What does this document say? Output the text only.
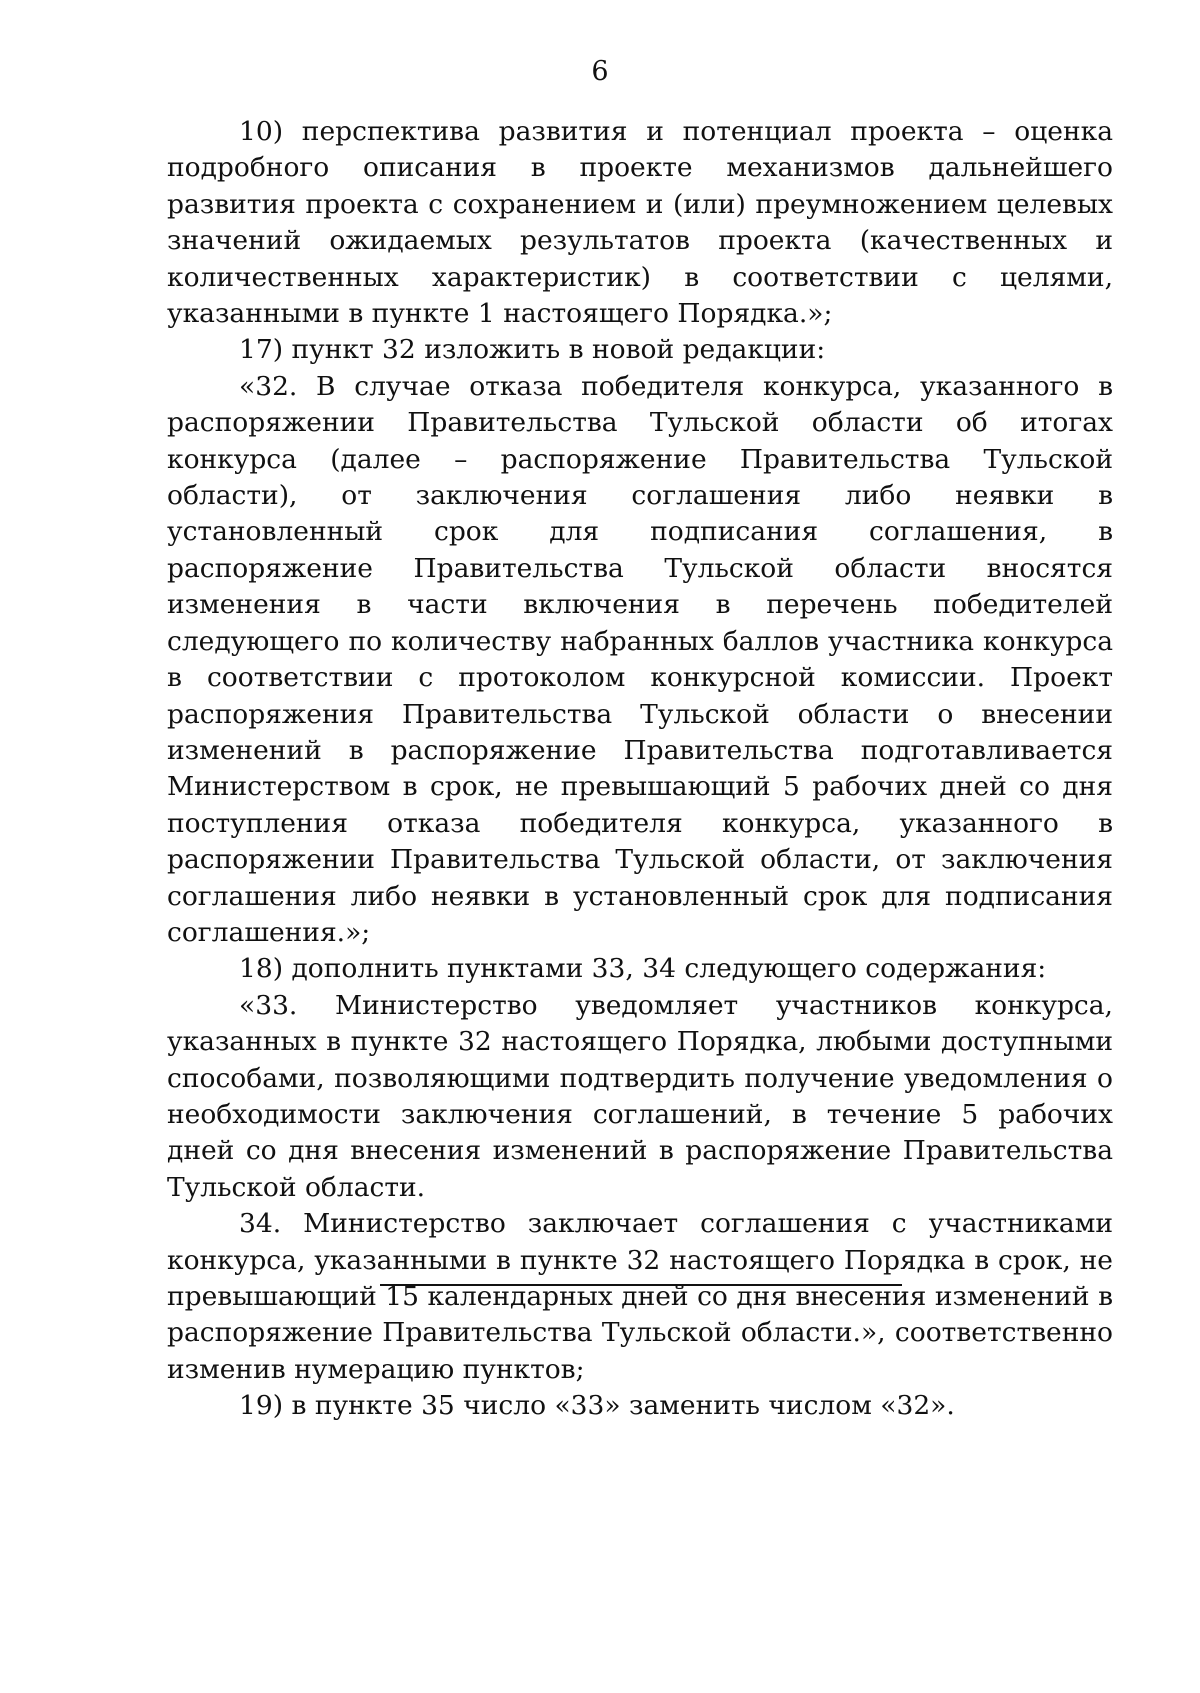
6

10) перспектива развития и потенциал проекта – оценка подробного описания в проекте механизмов дальнейшего развития проекта с сохранением и (или) преумножением целевых значений ожидаемых результатов проекта (качественных и количественных характеристик) в соответствии с целями, указанными в пункте 1 настоящего Порядка.»;

17) пункт 32 изложить в новой редакции:

«32. В случае отказа победителя конкурса, указанного в распоряжении Правительства Тульской области об итогах конкурса (далее – распоряжение Правительства Тульской области), от заключения соглашения либо неявки в установленный срок для подписания соглашения, в распоряжение Правительства Тульской области вносятся изменения в части включения в перечень победителей следующего по количеству набранных баллов участника конкурса в соответствии с протоколом конкурсной комиссии. Проект распоряжения Правительства Тульской области о внесении изменений в распоряжение Правительства подготавливается Министерством в срок, не превышающий 5 рабочих дней со дня поступления отказа победителя конкурса, указанного в распоряжении Правительства Тульской области, от заключения соглашения либо неявки в установленный срок для подписания соглашения.»;

18) дополнить пунктами 33, 34 следующего содержания:

«33. Министерство уведомляет участников конкурса, указанных в пункте 32 настоящего Порядка, любыми доступными способами, позволяющими подтвердить получение уведомления о необходимости заключения соглашений, в течение 5 рабочих дней со дня внесения изменений в распоряжение Правительства Тульской области.

34. Министерство заключает соглашения с участниками конкурса, указанными в пункте 32 настоящего Порядка в срок, не превышающий 15 календарных дней со дня внесения изменений в распоряжение Правительства Тульской области.», соответственно изменив нумерацию пунктов;

19) в пункте 35 число «33» заменить числом «32».
